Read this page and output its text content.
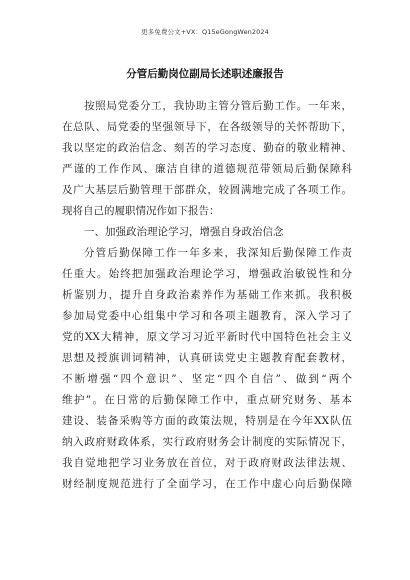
更多免费公文+VX：Q15eGongWen2024
分管后勤岗位副局长述职述廉报告
按照局党委分工，我协助主管分管后勤工作。一年来，
在总队、局党委的坚强领导下，在各级领导的关怀帮助下，
我以坚定的政治信念、刻苦的学习态度、勤奋的敬业精神、
严谨的工作作风、廉洁自律的道德规范带领局后勤保障科
及广大基层后勤管理干部群众，较圆满地完成了各项工作。
现将自己的履职情况作如下报告：
一、加强政治理论学习，增强自身政治信念
分管后勤保障工作一年多来，我深知后勤保障工作责
任重大。始终把加强政治理论学习，增强政治敏锐性和分
析鉴别力，提升自身政治素养作为基础工作来抓。我积极
参加局党委中心组集中学习和各项主题教育，深入学习了
党的XX大精神，原文学习习近平新时代中国特色社会主义
思想及授旗训词精神，认真研读党史主题教育配套教材，
不断增强“四个意识”、坚定“四个自信”、做到“两个
维护”。在日常的后勤保障工作中，重点研究财务、基本
建设、装备采购等方面的政策法规，特别是在今年XX队伍
纳入政府财政体系，实行政府财务会计制度的实际情况下，
我自觉地把学习业务放在首位，对于政府财政法律法规、
财经制度规范进行了全面学习，在工作中虚心向后勤保障
